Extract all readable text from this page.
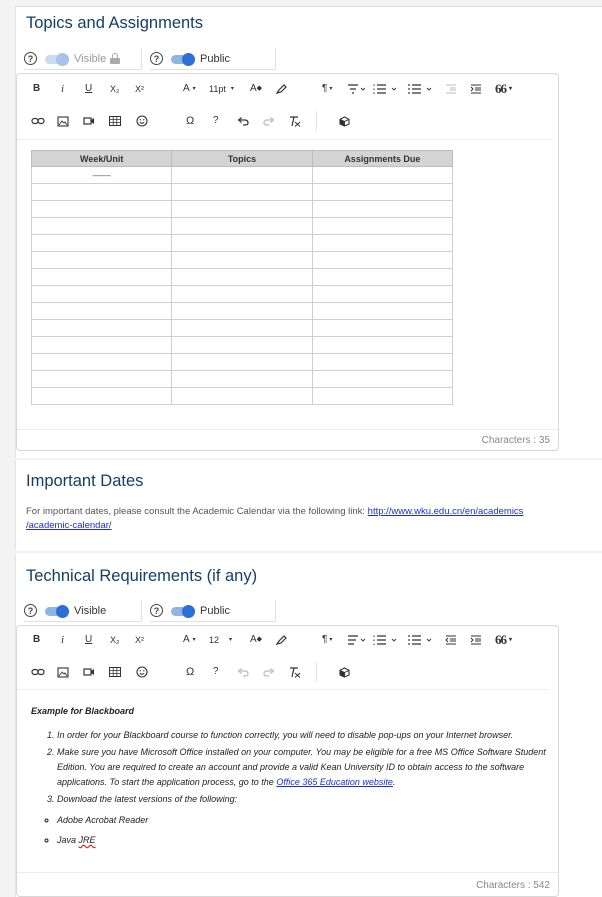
Topics and Assignments
?	Visible	?	Public
B i U X₂ X²	A ▾ 11pt ▾ A ◆	¶ ▾	66 ▾
Ω ?
Week/Unit	Topics	Assignments Due
——		

Characters : 35
Important Dates
For important dates, please consult the Academic Calendar via the following link: http://www.wku.edu.cn/en/academics
/academic-calendar/
Technical Requirements (if any)
?	Visible	?	Public
B i U X₂ X²	A ▾ 12 ▾ A ◆	¶ ▾	66 ▾
Ω ?
Example for Blackboard
1. In order for your Blackboard course to function correctly, you will need to disable pop-ups on your Internet browser.
2. Make sure you have Microsoft Office installed on your computer. You may be eligible for a free MS Office Software Student Edition. You are required to create an account and provide a valid Kean University ID to obtain access to the software applications. To start the application process, go to the Office 365 Education website.
3. Download the latest versions of the following:
◦ Adobe Acrobat Reader
◦ Java JRE
Characters : 542
